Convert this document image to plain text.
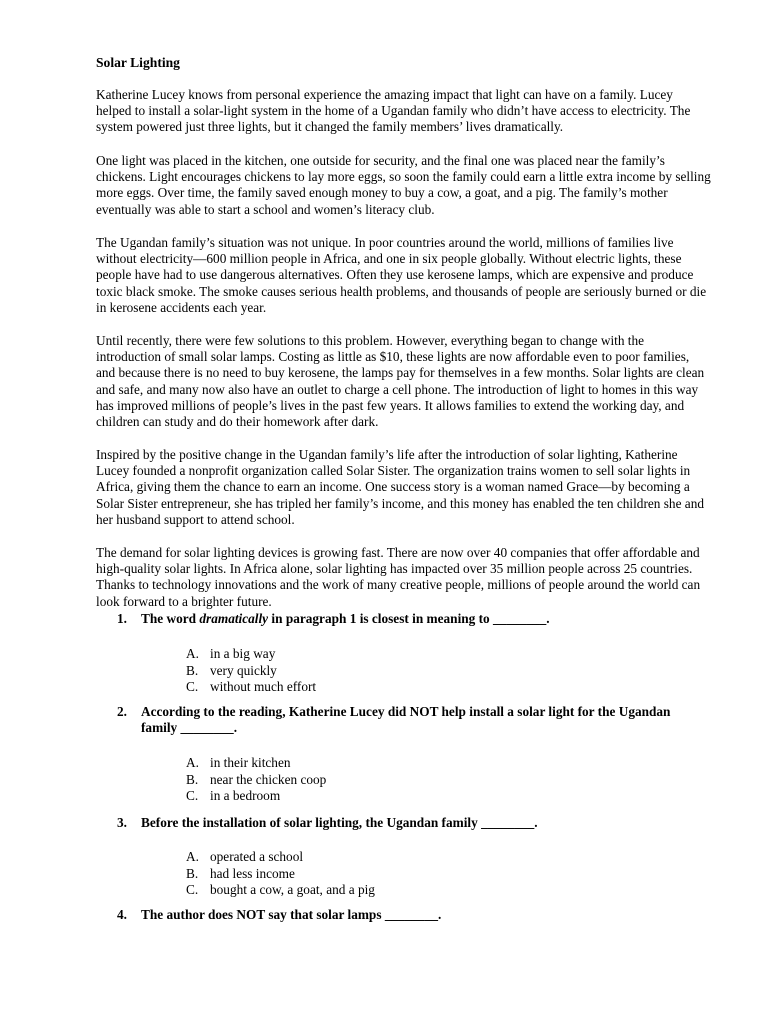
Solar Lighting

Katherine Lucey knows from personal experience the amazing impact that light can have on a family. Lucey helped to install a solar-light system in the home of a Ugandan family who didn’t have access to electricity. The system powered just three lights, but it changed the family members’ lives dramatically.

One light was placed in the kitchen, one outside for security, and the final one was placed near the family’s chickens. Light encourages chickens to lay more eggs, so soon the family could earn a little extra income by selling more eggs. Over time, the family saved enough money to buy a cow, a goat, and a pig. The family’s mother eventually was able to start a school and women’s literacy club.

The Ugandan family’s situation was not unique. In poor countries around the world, millions of families live without electricity—600 million people in Africa, and one in six people globally. Without electric lights, these people have had to use dangerous alternatives. Often they use kerosene lamps, which are expensive and produce toxic black smoke. The smoke causes serious health problems, and thousands of people are seriously burned or die in kerosene accidents each year.

Until recently, there were few solutions to this problem. However, everything began to change with the introduction of small solar lamps. Costing as little as $10, these lights are now affordable even to poor families, and because there is no need to buy kerosene, the lamps pay for themselves in a few months. Solar lights are clean and safe, and many now also have an outlet to charge a cell phone. The introduction of light to homes in this way has improved millions of people’s lives in the past few years. It allows families to extend the working day, and children can study and do their homework after dark.

Inspired by the positive change in the Ugandan family’s life after the introduction of solar lighting, Katherine Lucey founded a nonprofit organization called Solar Sister. The organization trains women to sell solar lights in Africa, giving them the chance to earn an income. One success story is a woman named Grace—by becoming a Solar Sister entrepreneur, she has tripled her family’s income, and this money has enabled the ten children she and her husband support to attend school.

The demand for solar lighting devices is growing fast. There are now over 40 companies that offer affordable and high-quality solar lights. In Africa alone, solar lighting has impacted over 35 million people across 25 countries. Thanks to technology innovations and the work of many creative people, millions of people around the world can look forward to a brighter future.

1.	The word dramatically in paragraph 1 is closest in meaning to ________.
A. in a big way
B. very quickly
C. without much effort
2.	According to the reading, Katherine Lucey did NOT help install a solar light for the Ugandan family ________.
A. in their kitchen
B. near the chicken coop
C. in a bedroom
3.	Before the installation of solar lighting, the Ugandan family ________.
A. operated a school
B. had less income
C. bought a cow, a goat, and a pig
4.	The author does NOT say that solar lamps ________.
